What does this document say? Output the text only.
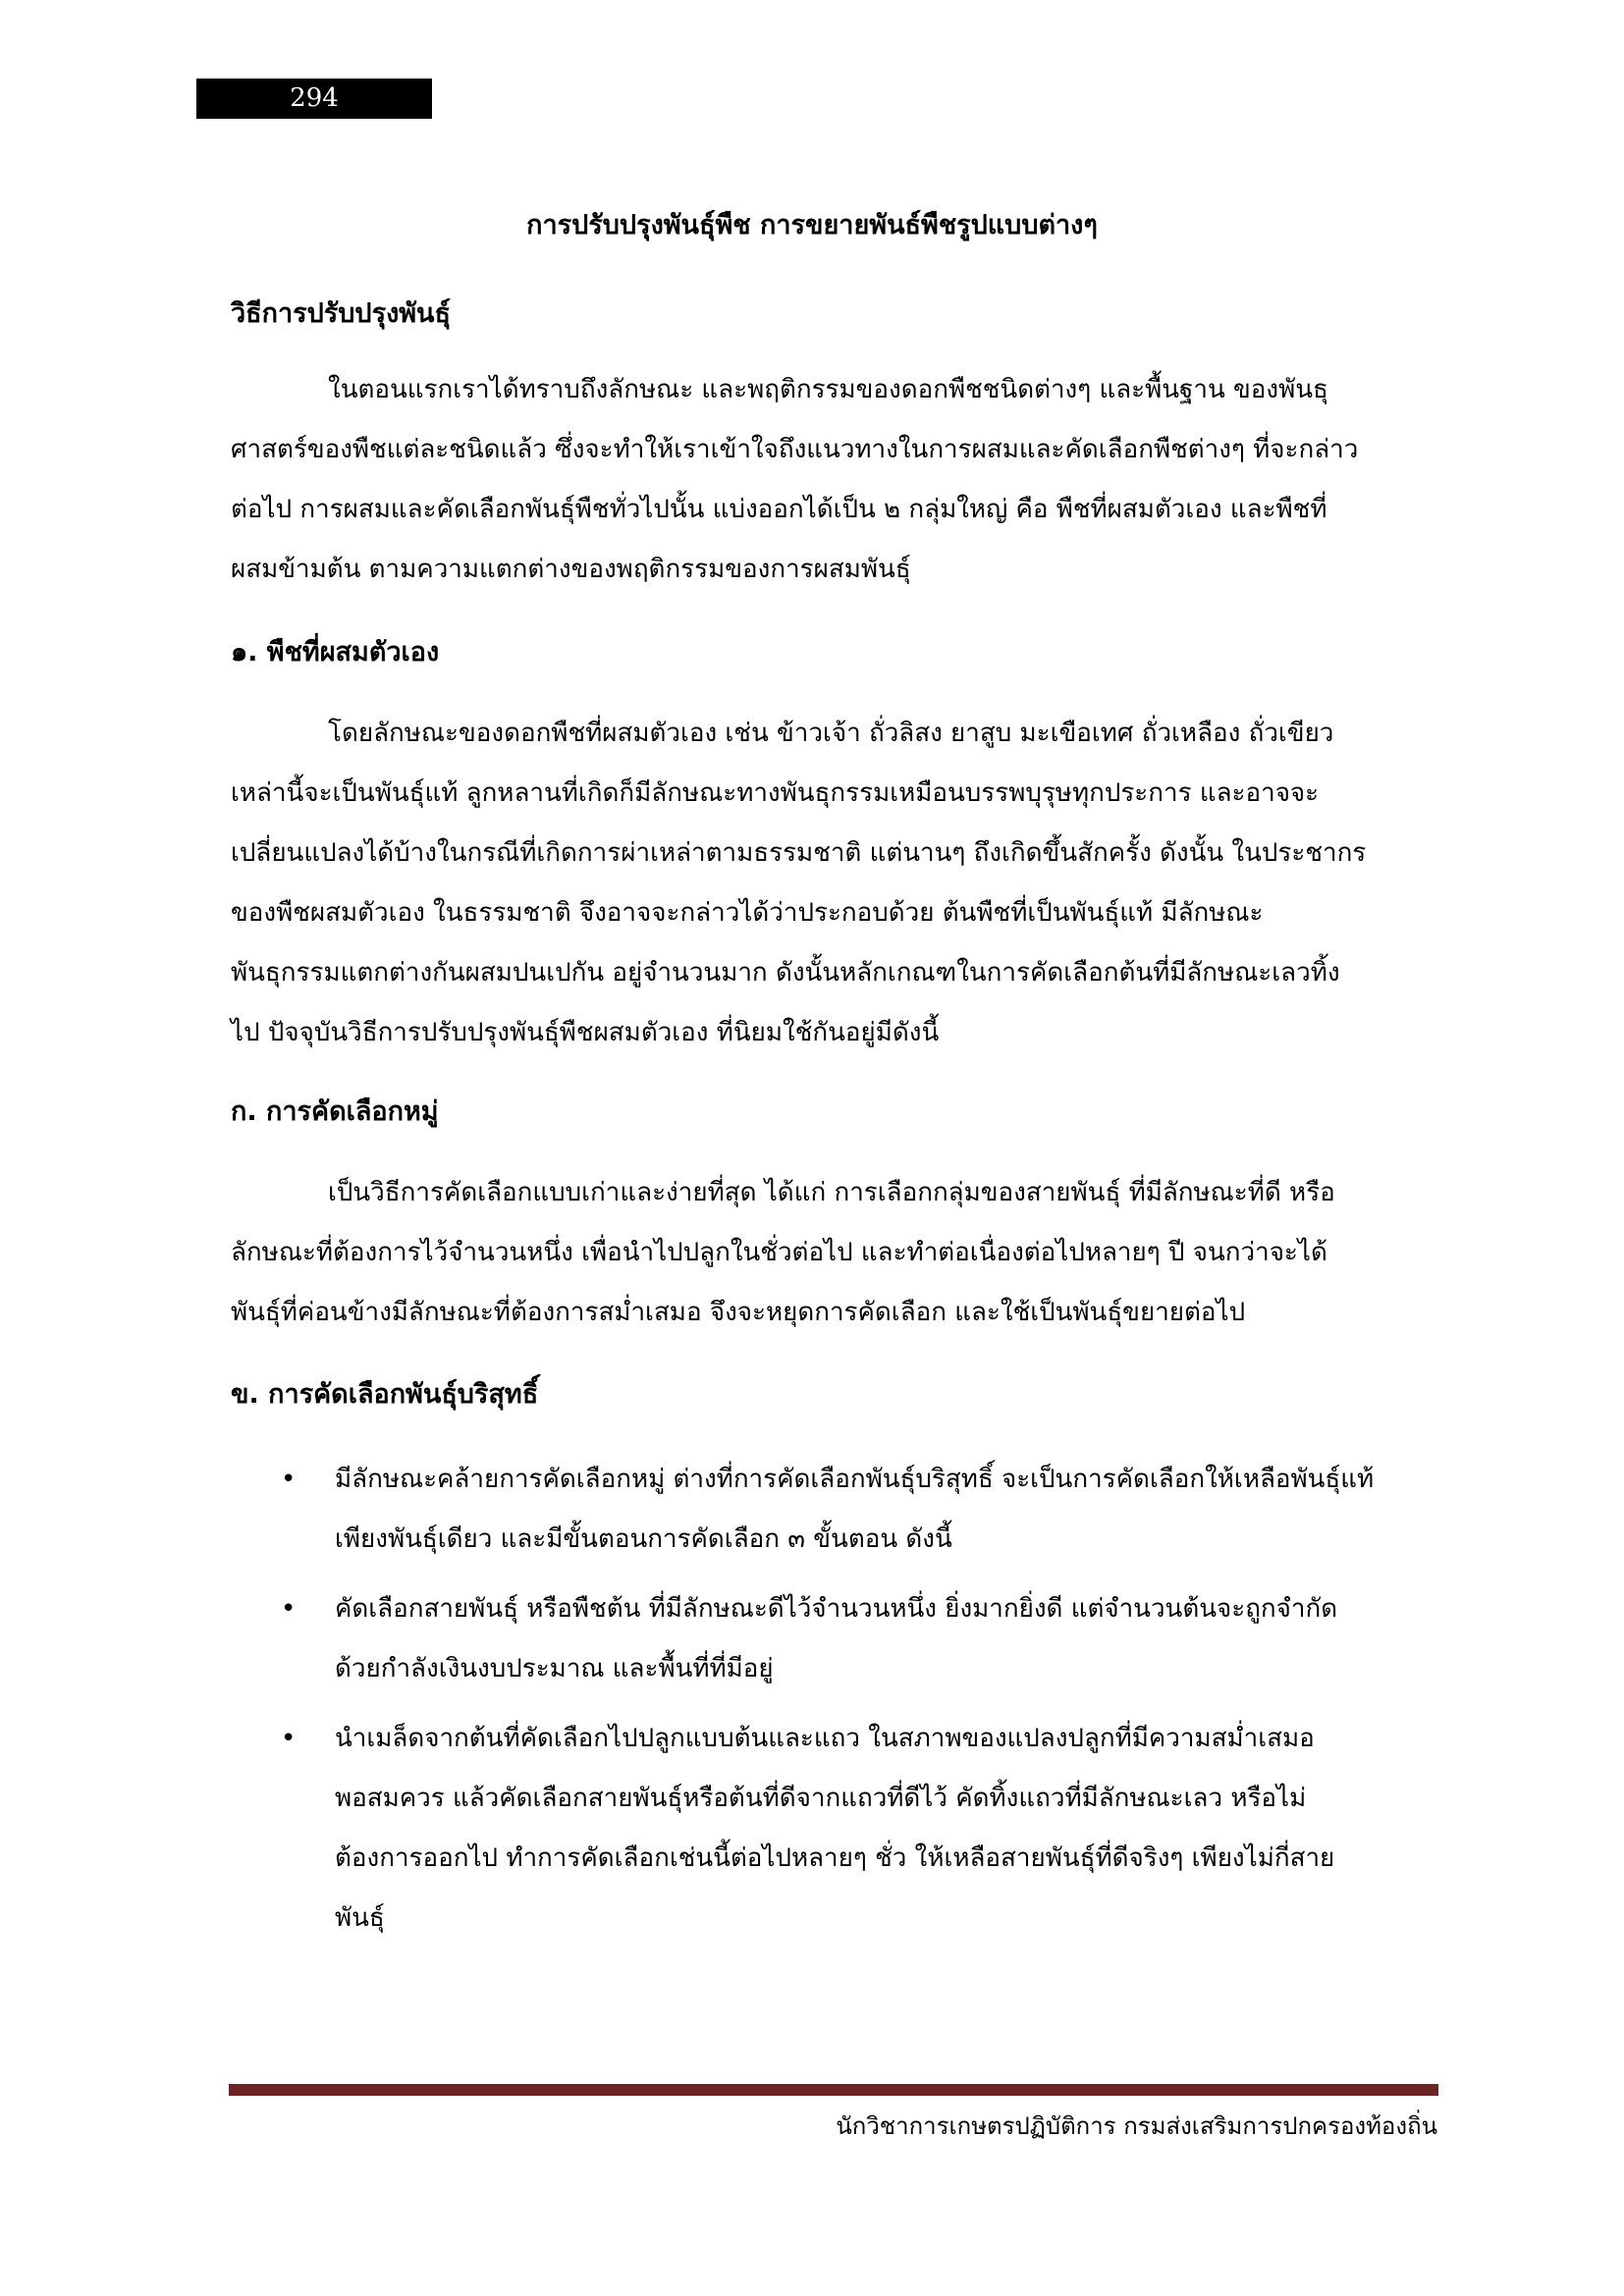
294
การปรับปรุงพันธุ์พืช การขยายพันธ์พืชรูปแบบต่างๆ
วิธีการปรับปรุงพันธุ์
ในตอนแรกเราได้ทราบถึงลักษณะ และพฤติกรรมของดอกพืชชนิดต่างๆ และพื้นฐาน ของพันธุ
ศาสตร์ของพืชแต่ละชนิดแล้ว ซึ่งจะทำให้เราเข้าใจถึงแนวทางในการผสมและคัดเลือกพืชต่างๆ ที่จะกล่าว
ต่อไป การผสมและคัดเลือกพันธุ์พืชทั่วไปนั้น แบ่งออกได้เป็น ๒ กลุ่มใหญ่ คือ พืชที่ผสมตัวเอง และพืชที่
ผสมข้ามต้น ตามความแตกต่างของพฤติกรรมของการผสมพันธุ์
๑. พืชที่ผสมตัวเอง
โดยลักษณะของดอกพืชที่ผสมตัวเอง เช่น ข้าวเจ้า ถั่วลิสง ยาสูบ มะเขือเทศ ถั่วเหลือง ถั่วเขียว
เหล่านี้จะเป็นพันธุ์แท้ ลูกหลานที่เกิดก็มีลักษณะทางพันธุกรรมเหมือนบรรพบุรุษทุกประการ และอาจจะ
เปลี่ยนแปลงได้บ้างในกรณีที่เกิดการผ่าเหล่าตามธรรมชาติ แต่นานๆ ถึงเกิดขึ้นสักครั้ง ดังนั้น ในประชากร
ของพืชผสมตัวเอง ในธรรมชาติ จึงอาจจะกล่าวได้ว่าประกอบด้วย ต้นพืชที่เป็นพันธุ์แท้ มีลักษณะ
พันธุกรรมแตกต่างกันผสมปนเปกัน อยู่จำนวนมาก ดังนั้นหลักเกณฑในการคัดเลือกต้นที่มีลักษณะเลวทิ้ง
ไป ปัจจุบันวิธีการปรับปรุงพันธุ์พืชผสมตัวเอง ที่นิยมใช้กันอยู่มีดังนี้
ก. การคัดเลือกหมู่
เป็นวิธีการคัดเลือกแบบเก่าและง่ายที่สุด ได้แก่ การเลือกกลุ่มของสายพันธุ์ ที่มีลักษณะที่ดี หรือ
ลักษณะที่ต้องการไว้จำนวนหนึ่ง เพื่อนำไปปลูกในชั่วต่อไป และทำต่อเนื่องต่อไปหลายๆ ปี จนกว่าจะได้
พันธุ์ที่ค่อนข้างมีลักษณะที่ต้องการสม่ำเสมอ จึงจะหยุดการคัดเลือก และใช้เป็นพันธุ์ขยายต่อไป
ข. การคัดเลือกพันธุ์บริสุทธิ์
• มีลักษณะคล้ายการคัดเลือกหมู่ ต่างที่การคัดเลือกพันธุ์บริสุทธิ์ จะเป็นการคัดเลือกให้เหลือพันธุ์แท้
เพียงพันธุ์เดียว และมีขั้นตอนการคัดเลือก ๓ ขั้นตอน ดังนี้
• คัดเลือกสายพันธุ์ หรือพืชต้น ที่มีลักษณะดีไว้จำนวนหนึ่ง ยิ่งมากยิ่งดี แต่จำนวนต้นจะถูกจำกัด
ด้วยกำลังเงินงบประมาณ และพื้นที่ที่มีอยู่
• นำเมล็ดจากต้นที่คัดเลือกไปปลูกแบบต้นและแถว ในสภาพของแปลงปลูกที่มีความสม่ำเสมอ
พอสมควร แล้วคัดเลือกสายพันธุ์หรือต้นที่ดีจากแถวที่ดีไว้ คัดทิ้งแถวที่มีลักษณะเลว หรือไม่
ต้องการออกไป ทำการคัดเลือกเช่นนี้ต่อไปหลายๆ ชั่ว ให้เหลือสายพันธุ์ที่ดีจริงๆ เพียงไม่กี่สาย
พันธุ์
นักวิชาการเกษตรปฏิบัติการ กรมส่งเสริมการปกครองท้องถิ่น
